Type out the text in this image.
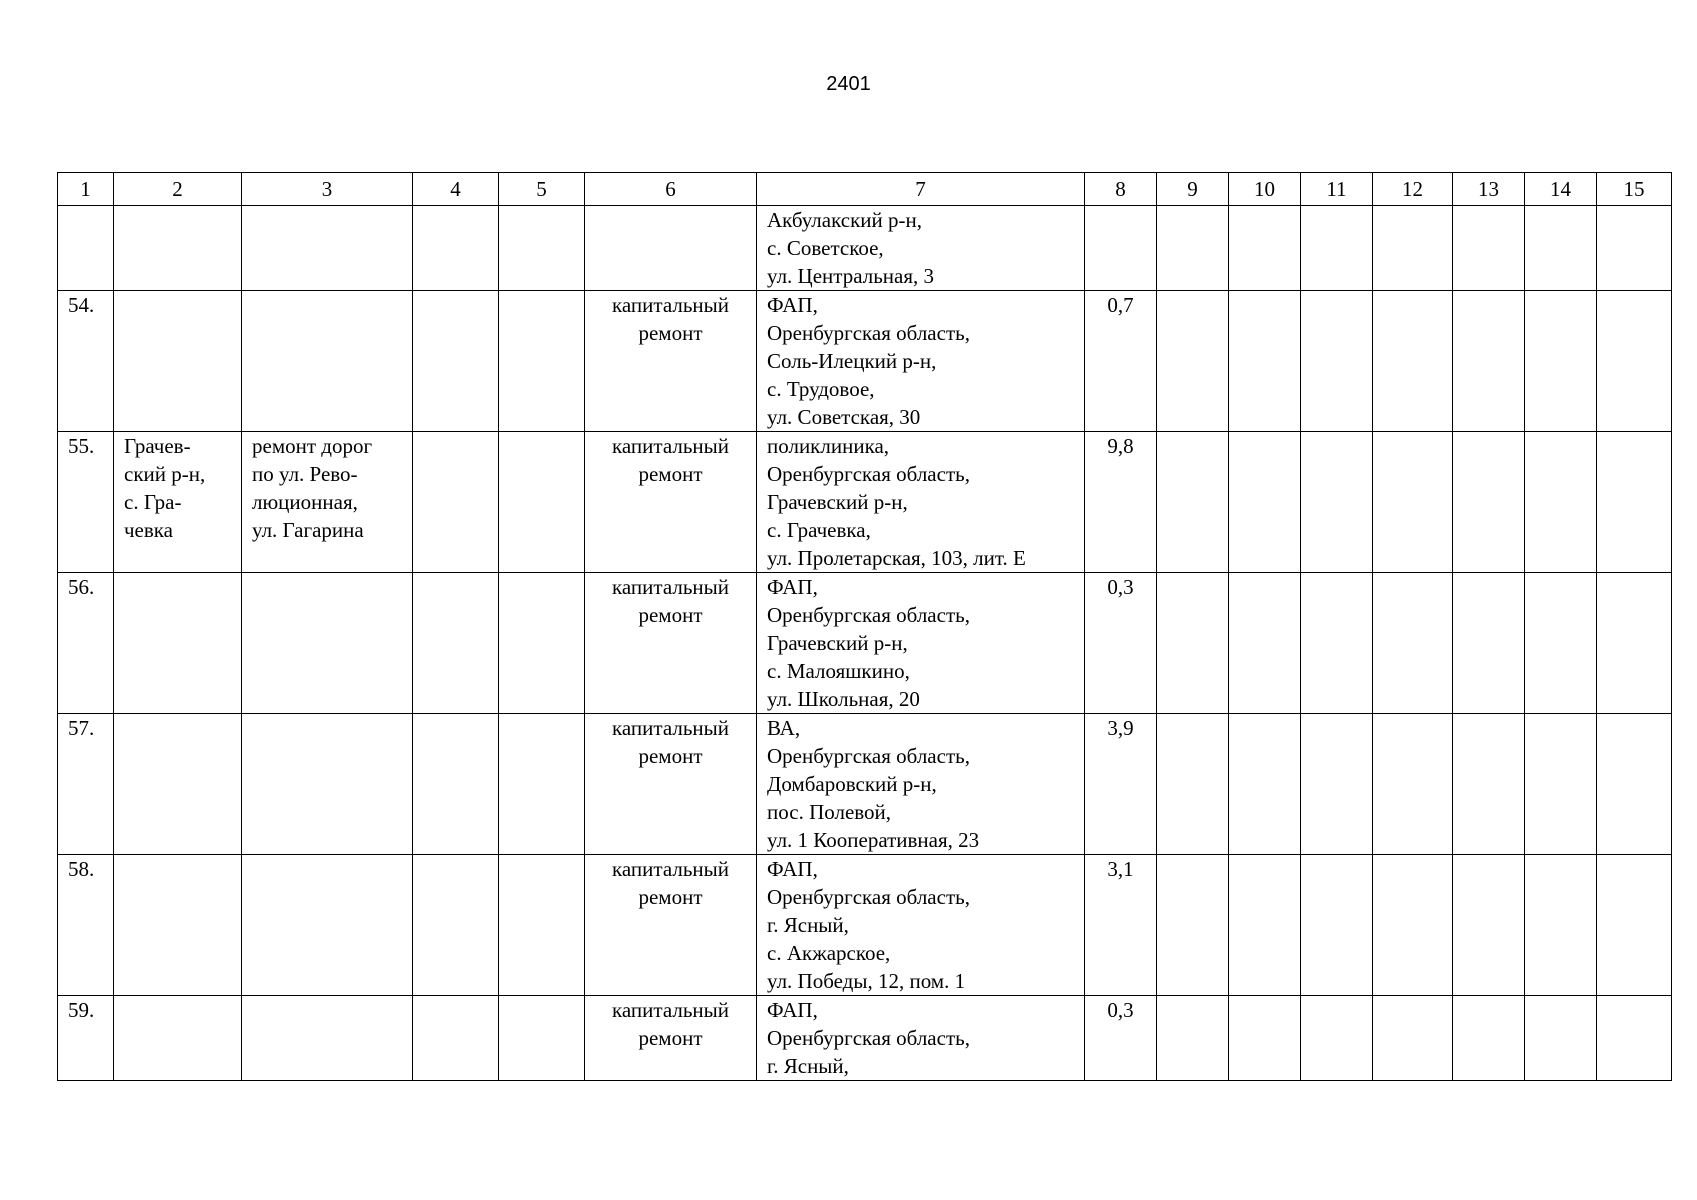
2401
1	2	3	4	5	6	7	8	9	10	11	12	13	14	15

						Акбулакский р-н,
с. Советское,
ул. Центральная, 3								

54.					капитальный
ремонт	ФАП,
Оренбургская область,
Соль-Илецкий р-н,
с. Трудовое,
ул. Советская, 30	0,7							
55.	Грачев-
ский р-н,
с. Гра-
чевка	ремонт дорог
по ул. Рево-
люционная,
ул. Гагарина			капитальный
ремонт	поликлиника,
Оренбургская область,
Грачевский р-н,
с. Грачевка,
ул. Пролетарская, 103, лит. Е	9,8							
56.					капитальный
ремонт	ФАП,
Оренбургская область,
Грачевский р-н,
с. Малояшкино,
ул. Школьная, 20	0,3							
57.					капитальный
ремонт	ВА,
Оренбургская область,
Домбаровский р-н,
пос. Полевой,
ул. 1 Кооперативная, 23	3,9							
58.					капитальный
ремонт	ФАП,
Оренбургская область,
г. Ясный,
с. Акжарское,
ул. Победы, 12, пом. 1	3,1							
59.					капитальный
ремонт	ФАП,
Оренбургская область,
г. Ясный,	0,3							
